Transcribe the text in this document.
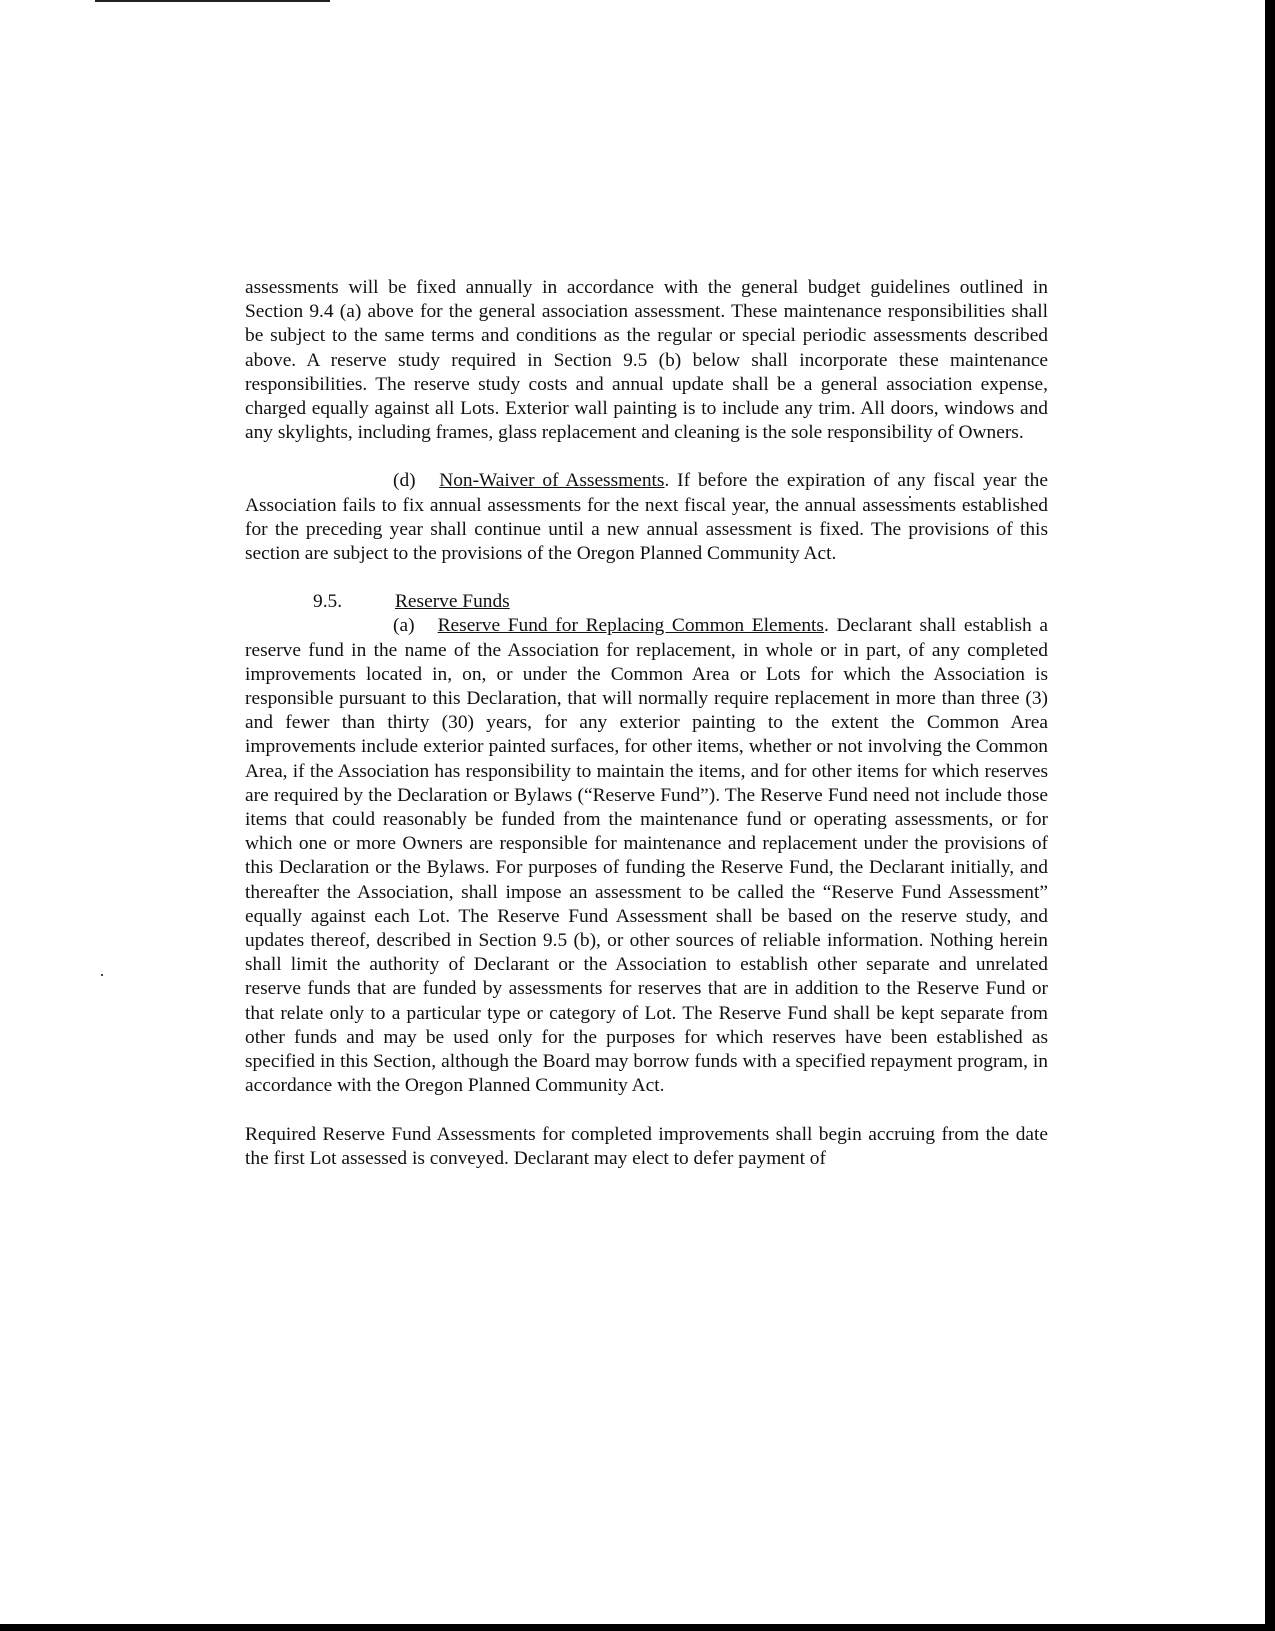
assessments will be fixed annually in accordance with the general budget guidelines outlined in Section 9.4 (a) above for the general association assessment. These maintenance responsibilities shall be subject to the same terms and conditions as the regular or special periodic assessments described above. A reserve study required in Section 9.5 (b) below shall incorporate these maintenance responsibilities. The reserve study costs and annual update shall be a general association expense, charged equally against all Lots. Exterior wall painting is to include any trim. All doors, windows and any skylights, including frames, glass replacement and cleaning is the sole responsibility of Owners.

(d) Non-Waiver of Assessments. If before the expiration of any fiscal year the Association fails to fix annual assessments for the next fiscal year, the annual assessments established for the preceding year shall continue until a new annual assessment is fixed. The provisions of this section are subject to the provisions of the Oregon Planned Community Act.

9.5.	Reserve Funds

(a) Reserve Fund for Replacing Common Elements. Declarant shall establish a reserve fund in the name of the Association for replacement, in whole or in part, of any completed improvements located in, on, or under the Common Area or Lots for which the Association is responsible pursuant to this Declaration, that will normally require replacement in more than three (3) and fewer than thirty (30) years, for any exterior painting to the extent the Common Area improvements include exterior painted surfaces, for other items, whether or not involving the Common Area, if the Association has responsibility to maintain the items, and for other items for which reserves are required by the Declaration or Bylaws (“Reserve Fund”). The Reserve Fund need not include those items that could reasonably be funded from the maintenance fund or operating assessments, or for which one or more Owners are responsible for maintenance and replacement under the provisions of this Declaration or the Bylaws. For purposes of funding the Reserve Fund, the Declarant initially, and thereafter the Association, shall impose an assessment to be called the “Reserve Fund Assessment” equally against each Lot. The Reserve Fund Assessment shall be based on the reserve study, and updates thereof, described in Section 9.5 (b), or other sources of reliable information. Nothing herein shall limit the authority of Declarant or the Association to establish other separate and unrelated reserve funds that are funded by assessments for reserves that are in addition to the Reserve Fund or that relate only to a particular type or category of Lot. The Reserve Fund shall be kept separate from other funds and may be used only for the purposes for which reserves have been established as specified in this Section, although the Board may borrow funds with a specified repayment program, in accordance with the Oregon Planned Community Act.

Required Reserve Fund Assessments for completed improvements shall begin accruing from the date the first Lot assessed is conveyed. Declarant may elect to defer payment of
